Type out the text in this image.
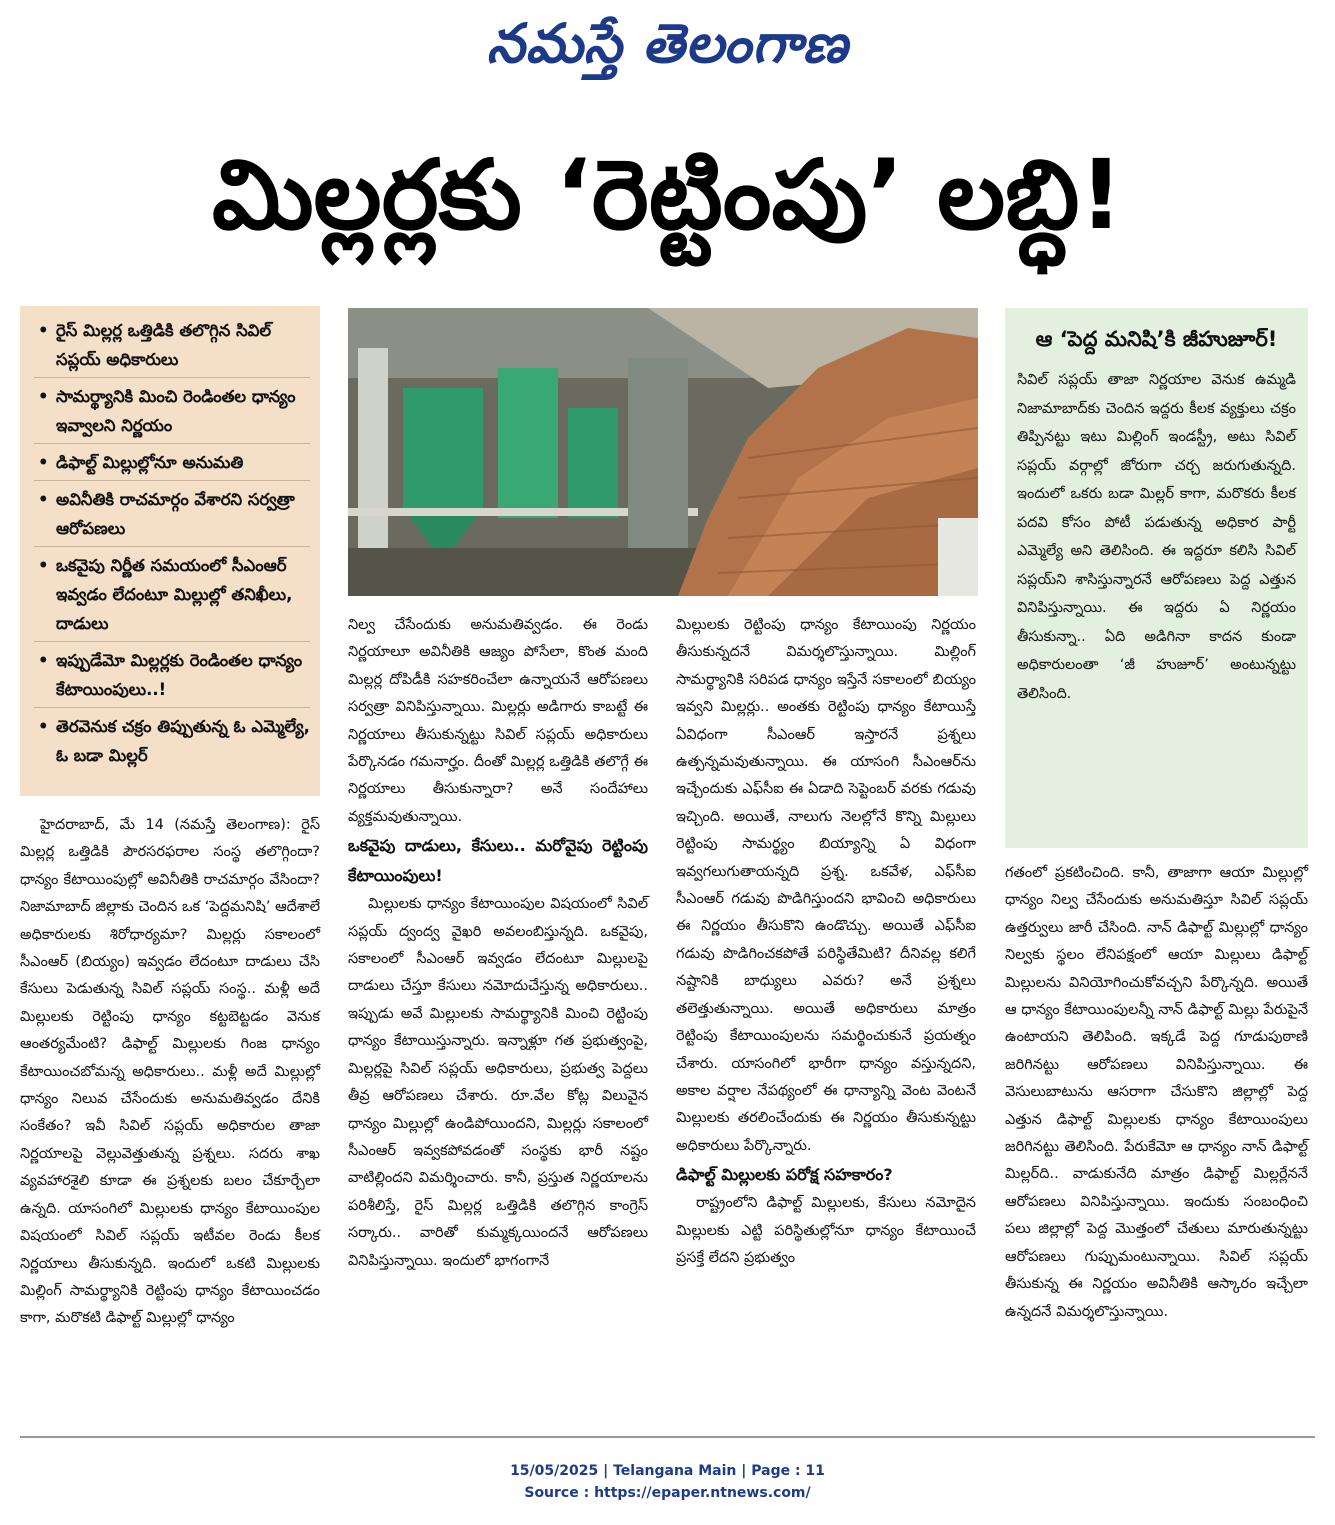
నమస్తే తెలంగాణ
మిల్లర్లకు ‘రెట్టింపు’ లబ్ధి!
• రైస్ మిల్లర్ల ఒత్తిడికి తలొగ్గిన సివిల్ సప్లయ్ అధికారులు
• సామర్థ్యానికి మించి రెండింతల ధాన్యం ఇవ్వాలని నిర్ణయం
• డిఫాల్ట్ మిల్లుల్లోనూ అనుమతి
• అవినీతికి రాచమార్గం వేశారని సర్వత్రా ఆరోపణలు
• ఒకవైపు నిర్ణీత సమయంలో సీఎంఆర్ ఇవ్వడం లేదంటూ మిల్లుల్లో తనిఖీలు, దాడులు
• ఇప్పుడేమో మిల్లర్లకు రెండింతల ధాన్యం కేటాయింపులు..!
• తెరవెనుక చక్రం తిప్పుతున్న ఓ ఎమ్మెల్యే, ఓ బడా మిల్లర్
ఆ ‘పెద్ద మనిషి’కి జీహుజూర్!

సివిల్ సప్లయ్ తాజా నిర్ణయాల వెనుక ఉమ్మడి నిజామాబాద్‌కు చెందిన ఇద్దరు కీలక వ్యక్తులు చక్రం తిప్పినట్టు ఇటు మిల్లింగ్ ఇండస్ట్రీ, అటు సివిల్ సప్లయ్ వర్గాల్లో జోరుగా చర్చ జరుగుతున్నది. ఇందులో ఒకరు బడా మిల్లర్ కాగా, మరొకరు కీలక పదవి కోసం పోటీ పడుతున్న అధికార పార్టీ ఎమ్మెల్యే అని తెలిసింది. ఈ ఇద్దరూ కలిసి సివిల్ సప్లయ్‌ని శాసిస్తున్నారనే ఆరోపణలు పెద్ద ఎత్తున వినిపిస్తున్నాయి. ఈ ఇద్దరు ఏ నిర్ణయం తీసుకున్నా.. ఏది అడిగినా కాదన కుండా అధికారులంతా ‘జీ హుజూర్’ అంటున్నట్టు తెలిసింది.

హైదరాబాద్, మే 14 (నమస్తే తెలంగాణ): రైస్ మిల్లర్ల ఒత్తిడికి పౌరసరఫరాల సంస్థ తలొగ్గిందా? ధాన్యం కేటాయింపుల్లో అవినీతికి రాచమార్గం వేసిందా? నిజామాబాద్ జిల్లాకు చెందిన ఒక ‘పెద్దమనిషి’ ఆదేశాలే అధికారులకు శిరోధార్యమా? మిల్లర్లు సకాలంలో సీఎంఆర్ (బియ్యం) ఇవ్వడం లేదంటూ దాడులు చేసి కేసులు పెడుతున్న సివిల్ సప్లయ్ సంస్థ.. మళ్లీ అదే మిల్లులకు రెట్టింపు ధాన్యం కట్టబెట్టడం వెనుక ఆంతర్యమేంటి? డిఫాల్ట్ మిల్లులకు గింజ ధాన్యం కేటాయించబోమన్న అధికారులు.. మళ్లీ అదే మిల్లుల్లో ధాన్యం నిలువ చేసేందుకు అనుమతివ్వడం దేనికి సంకేతం? ఇవీ సివిల్ సప్లయ్ అధికారుల తాజా నిర్ణయాలపై వెల్లువెత్తుతున్న ప్రశ్నలు. సదరు శాఖ వ్యవహారశైలి కూడా ఈ ప్రశ్నలకు బలం చేకూర్చేలా ఉన్నది. యాసంగిలో మిల్లులకు ధాన్యం కేటాయింపుల విషయంలో సివిల్ సప్లయ్ ఇటీవల రెండు కీలక నిర్ణయాలు తీసుకున్నది. ఇందులో ఒకటి మిల్లులకు మిల్లింగ్ సామర్థ్యానికి రెట్టింపు ధాన్యం కేటాయించడం కాగా, మరొకటి డిఫాల్ట్ మిల్లుల్లో ధాన్యం

నిల్వ చేసేందుకు అనుమతివ్వడం. ఈ రెండు నిర్ణయాలూ అవినీతికి ఆజ్యం పోసేలా, కొంత మంది మిల్లర్ల దోపిడీకి సహకరించేలా ఉన్నాయనే ఆరోపణలు సర్వత్రా వినిపిస్తున్నాయి. మిల్లర్లు అడిగారు కాబట్టే ఈ నిర్ణయాలు తీసుకున్నట్టు సివిల్ సప్లయ్ అధికారులు పేర్కొనడం గమనార్హం. దీంతో మిల్లర్ల ఒత్తిడికి తలొగ్గే ఈ నిర్ణయాలు తీసుకున్నారా? అనే సందేహాలు వ్యక్తమవుతున్నాయి.

ఒకవైపు దాడులు, కేసులు.. మరోవైపు రెట్టింపు కేటాయింపులు!

మిల్లులకు ధాన్యం కేటాయింపుల విషయంలో సివిల్ సప్లయ్ ద్వంద్వ వైఖరి అవలంబిస్తున్నది. ఒకవైపు, సకాలంలో సీఎంఆర్ ఇవ్వడం లేదంటూ మిల్లులపై దాడులు చేస్తూ కేసులు నమోదుచేస్తున్న అధికారులు.. ఇప్పుడు అవే మిల్లులకు సామర్థ్యానికి మించి రెట్టింపు ధాన్యం కేటాయిస్తున్నారు. ఇన్నాళ్లూ గత ప్రభుత్వంపై, మిల్లర్లపై సివిల్ సప్లయ్ అధికారులు, ప్రభుత్వ పెద్దలు తీవ్ర ఆరోపణలు చేశారు. రూ.వేల కోట్ల విలువైన ధాన్యం మిల్లుల్లో ఉండిపోయిందని, మిల్లర్లు సకాలంలో సీఎంఆర్ ఇవ్వకపోవడంతో సంస్థకు భారీ నష్టం వాటిల్లిందని విమర్శించారు. కానీ, ప్రస్తుత నిర్ణయాలను పరిశీలిస్తే, రైస్ మిల్లర్ల ఒత్తిడికి తలొగ్గిన కాంగ్రెస్ సర్కారు.. వారితో కుమ్మక్కయిందనే ఆరోపణలు వినిపిస్తున్నాయి. ఇందులో భాగంగానే

మిల్లులకు రెట్టింపు ధాన్యం కేటాయింపు నిర్ణయం తీసుకున్నదనే విమర్శలొస్తున్నాయి. మిల్లింగ్ సామర్థ్యానికి సరిపడ ధాన్యం ఇస్తేనే సకాలంలో బియ్యం ఇవ్వని మిల్లర్లు.. అంతకు రెట్టింపు ధాన్యం కేటాయిస్తే ఏవిధంగా సీఎంఆర్ ఇస్తారనే ప్రశ్నలు ఉత్పన్నమవుతున్నాయి. ఈ యాసంగి సీఎంఆర్‌ను ఇచ్చేందుకు ఎఫ్‌సీఐ ఈ ఏడాది సెప్టెంబర్ వరకు గడువు ఇచ్చింది. అయితే, నాలుగు నెలల్లోనే కొన్ని మిల్లులు రెట్టింపు సామర్థ్యం బియ్యాన్ని ఏ విధంగా ఇవ్వగలుగుతాయన్నది ప్రశ్న. ఒకవేళ, ఎఫ్‌సీఐ సీఎంఆర్ గడువు పొడిగిస్తుందని భావించి అధికారులు ఈ నిర్ణయం తీసుకొని ఉండొచ్చు. అయితే ఎఫ్‌సీఐ గడువు పొడిగించకపోతే పరిస్థితేమిటి? దీనివల్ల కలిగే నష్టానికి బాధ్యులు ఎవరు? అనే ప్రశ్నలు తలెత్తుతున్నాయి. అయితే అధికారులు మాత్రం రెట్టింపు కేటాయింపులను సమర్థించుకునే ప్రయత్నం చేశారు. యాసంగిలో భారీగా ధాన్యం వస్తున్నదని, అకాల వర్షాల నేపథ్యంలో ఈ ధాన్యాన్ని వెంట వెంటనే మిల్లులకు తరలించేందుకు ఈ నిర్ణయం తీసుకున్నట్టు అధికారులు పేర్కొన్నారు.

డిఫాల్ట్ మిల్లులకు పరోక్ష సహకారం?

రాష్ట్రంలోని డిఫాల్ట్ మిల్లులకు, కేసులు నమోదైన మిల్లులకు ఎట్టి పరిస్థితుల్లోనూ ధాన్యం కేటాయించే ప్రసక్తే లేదని ప్రభుత్వం

గతంలో ప్రకటించింది. కానీ, తాజాగా ఆయా మిల్లుల్లో ధాన్యం నిల్వ చేసేందుకు అనుమతిస్తూ సివిల్ సప్లయ్ ఉత్తర్వులు జారీ చేసింది. నాన్ డిఫాల్ట్ మిల్లుల్లో ధాన్యం నిల్వకు స్థలం లేనిపక్షంలో ఆయా మిల్లులు డిఫాల్ట్ మిల్లులను వినియోగించుకోవచ్చని పేర్కొన్నది. అయితే ఆ ధాన్యం కేటాయింపులన్నీ నాన్ డిఫాల్ట్ మిల్లు పేరుపైనే ఉంటాయని తెలిపింది. ఇక్కడే పెద్ద గూడుపుఠాణి జరిగినట్టు ఆరోపణలు వినిపిస్తున్నాయి. ఈ వెసులుబాటును ఆసరాగా చేసుకొని జిల్లాల్లో పెద్ద ఎత్తున డిఫాల్ట్ మిల్లులకు ధాన్యం కేటాయింపులు జరిగినట్టు తెలిసింది. పేరుకేమో ఆ ధాన్యం నాన్ డిఫాల్ట్ మిల్లర్‌ది.. వాడుకునేది మాత్రం డిఫాల్ట్ మిల్లర్లేననే ఆరోపణలు వినిపిస్తున్నాయి. ఇందుకు సంబంధించి పలు జిల్లాల్లో పెద్ద మొత్తంలో చేతులు మారుతున్నట్టు ఆరోపణలు గుప్పుమంటున్నాయి. సివిల్ సప్లయ్ తీసుకున్న ఈ నిర్ణయం అవినీతికి ఆస్కారం ఇచ్చేలా ఉన్నదనే విమర్శలొస్తున్నాయి.

15/05/2025 | Telangana Main | Page : 11
Source : https://epaper.ntnews.com/
